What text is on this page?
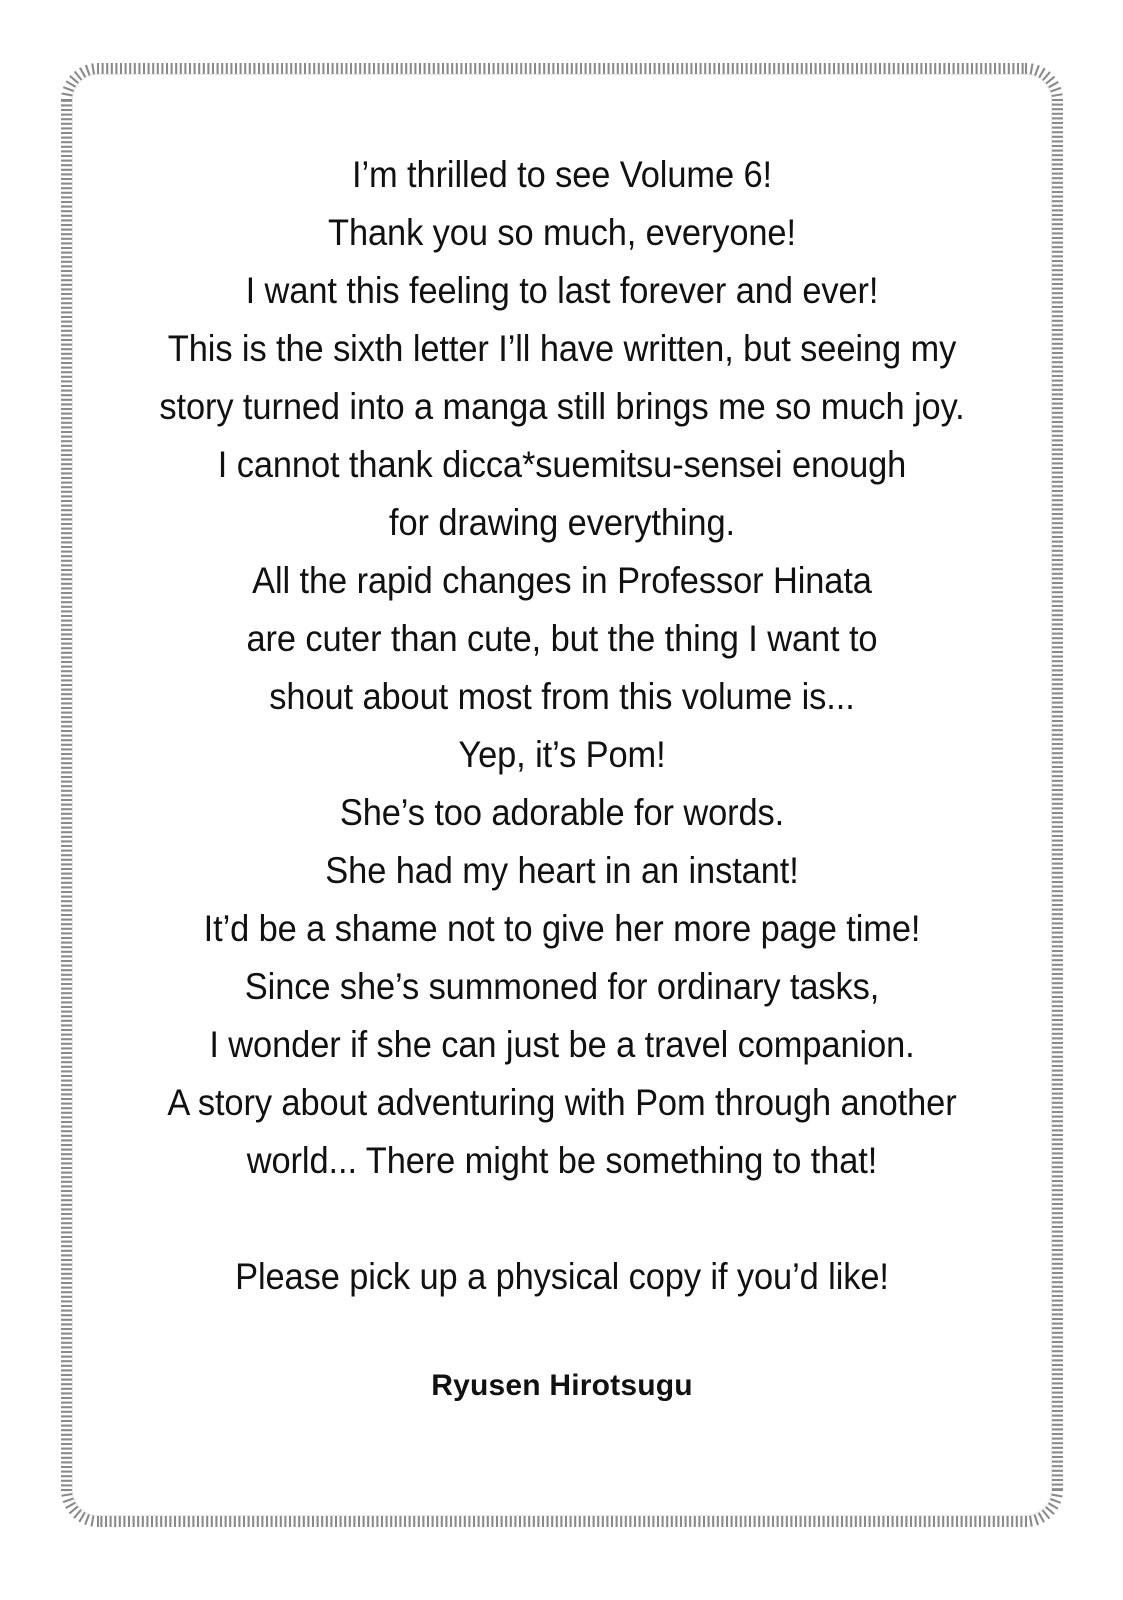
I’m thrilled to see Volume 6!
Thank you so much, everyone!
I want this feeling to last forever and ever!
This is the sixth letter I’ll have written, but seeing my
story turned into a manga still brings me so much joy.
I cannot thank dicca*suemitsu-sensei enough
for drawing everything.
All the rapid changes in Professor Hinata
are cuter than cute, but the thing I want to
shout about most from this volume is...
Yep, it’s Pom!
She’s too adorable for words.
She had my heart in an instant!
It’d be a shame not to give her more page time!
Since she’s summoned for ordinary tasks,
I wonder if she can just be a travel companion.
A story about adventuring with Pom through another
world... There might be something to that!
Please pick up a physical copy if you’d like!
Ryusen Hirotsugu
